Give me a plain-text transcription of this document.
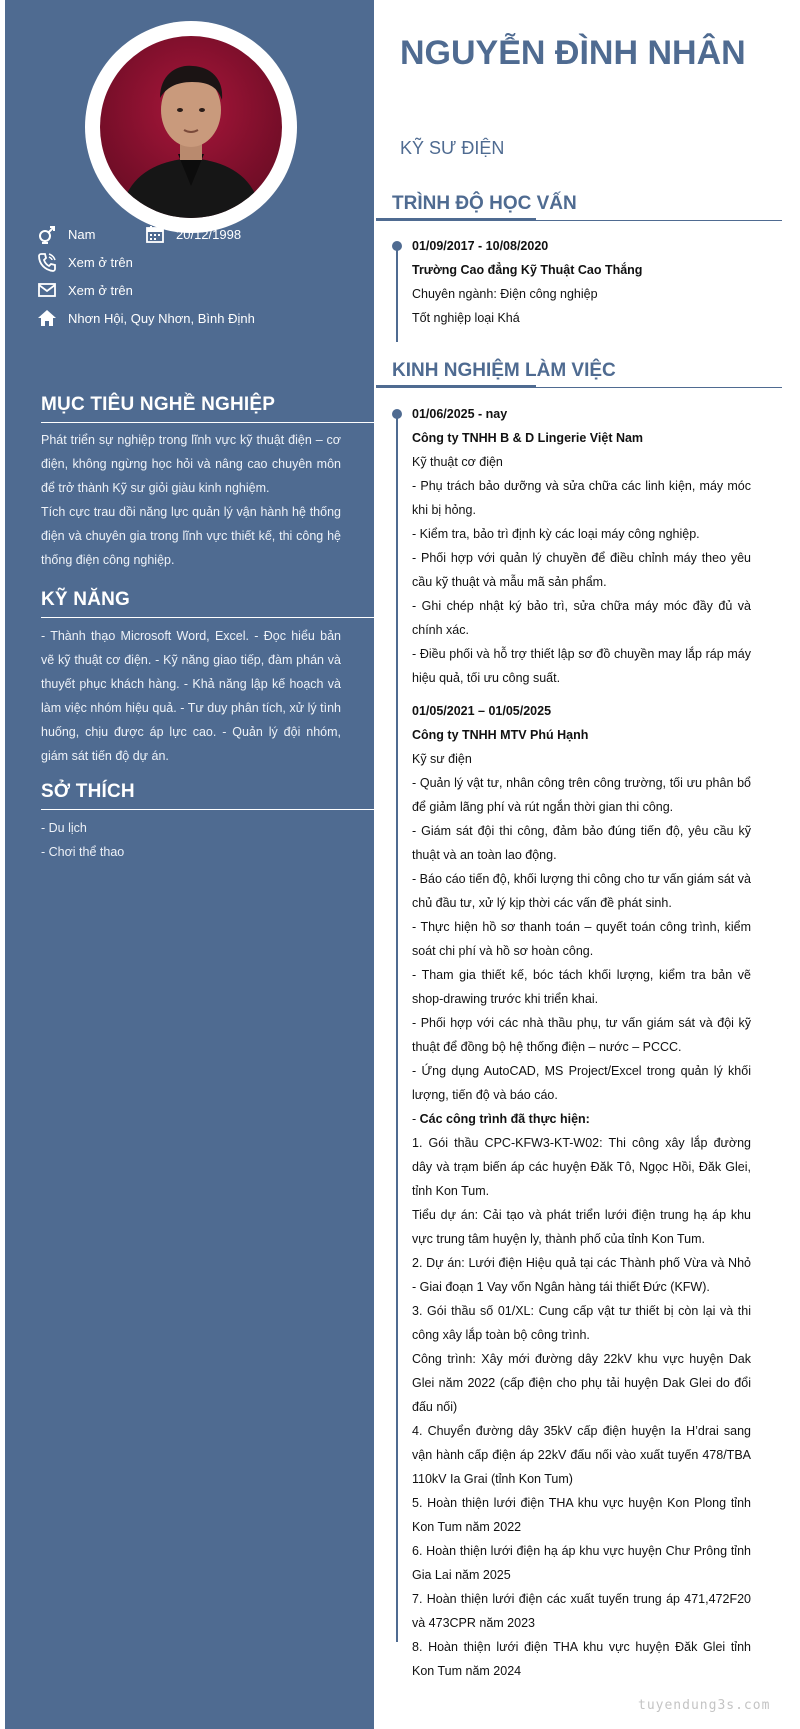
Nam	20/12/1998
Xem ở trên
Xem ở trên
Nhơn Hội, Quy Nhơn, Bình Định
MỤC TIÊU NGHỀ NGHIỆP

Phát triển sự nghiệp trong lĩnh vực kỹ thuật điện – cơ điện, không ngừng học hỏi và nâng cao chuyên môn để trở thành Kỹ sư giỏi giàu kinh nghiệm.

Tích cực trau dồi năng lực quản lý vận hành hệ thống điện và chuyên gia trong lĩnh vực thiết kế, thi công hệ thống điện công nghiệp.

KỸ NĂNG

- Thành thạo Microsoft Word, Excel. - Đọc hiểu bản vẽ kỹ thuật cơ điện. - Kỹ năng giao tiếp, đàm phán và thuyết phục khách hàng. - Khả năng lập kế hoạch và làm việc nhóm hiệu quả. - Tư duy phân tích, xử lý tình huống, chịu được áp lực cao. - Quản lý đội nhóm, giám sát tiến độ dự án.

SỞ THÍCH

- Du lịch

- Chơi thể thao

NGUYỄN ĐÌNH NHÂN
KỸ SƯ ĐIỆN
TRÌNH ĐỘ HỌC VẤN
01/09/2017 - 10/08/2020
Trường Cao đẳng Kỹ Thuật Cao Thắng
Chuyên ngành: Điện công nghiệp
Tốt nghiệp loại Khá
KINH NGHIỆM LÀM VIỆC
01/06/2025 - nay
Công ty TNHH B & D Lingerie Việt Nam
Kỹ thuật cơ điện
- Phụ trách bảo dưỡng và sửa chữa các linh kiện, máy móc khi bị hỏng.
- Kiểm tra, bảo trì định kỳ các loại máy công nghiệp.
- Phối hợp với quản lý chuyền để điều chỉnh máy theo yêu cầu kỹ thuật và mẫu mã sản phẩm.
- Ghi chép nhật ký bảo trì, sửa chữa máy móc đầy đủ và chính xác.
- Điều phối và hỗ trợ thiết lập sơ đồ chuyền may lắp ráp máy hiệu quả, tối ưu công suất.
01/05/2021 – 01/05/2025
Công ty TNHH MTV Phú Hạnh
Kỹ sư điện
- Quản lý vật tư, nhân công trên công trường, tối ưu phân bổ để giảm lãng phí và rút ngắn thời gian thi công.
- Giám sát đội thi công, đảm bảo đúng tiến độ, yêu cầu kỹ thuật và an toàn lao động.
- Báo cáo tiến độ, khối lượng thi công cho tư vấn giám sát và chủ đầu tư, xử lý kịp thời các vấn đề phát sinh.
- Thực hiện hồ sơ thanh toán – quyết toán công trình, kiểm soát chi phí và hồ sơ hoàn công.
- Tham gia thiết kế, bóc tách khối lượng, kiểm tra bản vẽ shop-drawing trước khi triển khai.
- Phối hợp với các nhà thầu phụ, tư vấn giám sát và đội kỹ thuật để đồng bộ hệ thống điện – nước – PCCC.
- Ứng dụng AutoCAD, MS Project/Excel trong quản lý khối lượng, tiến độ và báo cáo.
- Các công trình đã thực hiện:
1. Gói thầu CPC-KFW3-KT-W02: Thi công xây lắp đường dây và trạm biến áp các huyện Đăk Tô, Ngọc Hồi, Đăk Glei, tỉnh Kon Tum.
Tiểu dự án: Cải tạo và phát triển lưới điện trung hạ áp khu vực trung tâm huyện ly, thành phố của tỉnh Kon Tum.
2. Dự án: Lưới điện Hiệu quả tại các Thành phố Vừa và Nhỏ - Giai đoạn 1 Vay vốn Ngân hàng tái thiết Đức (KFW).
3. Gói thầu số 01/XL: Cung cấp vật tư thiết bị còn lại và thi công xây lắp toàn bộ công trình.
Công trình: Xây mới đường dây 22kV khu vực huyện Dak Glei năm 2022 (cấp điện cho phụ tải huyện Dak Glei do đổi đấu nối)
4. Chuyển đường dây 35kV cấp điện huyện Ia H’drai sang vận hành cấp điện áp 22kV đấu nối vào xuất tuyến 478/TBA 110kV Ia Grai (tỉnh Kon Tum)
5. Hoàn thiện lưới điện THA khu vực huyện Kon Plong tỉnh Kon Tum năm 2022
6. Hoàn thiện lưới điện hạ áp khu vực huyện Chư Prông tỉnh Gia Lai năm 2025
7. Hoàn thiện lưới điện các xuất tuyến trung áp 471,472F20 và 473CPR năm 2023
8. Hoàn thiện lưới điện THA khu vực huyện Đăk Glei tỉnh Kon Tum năm 2024
tuyendung3s.com
